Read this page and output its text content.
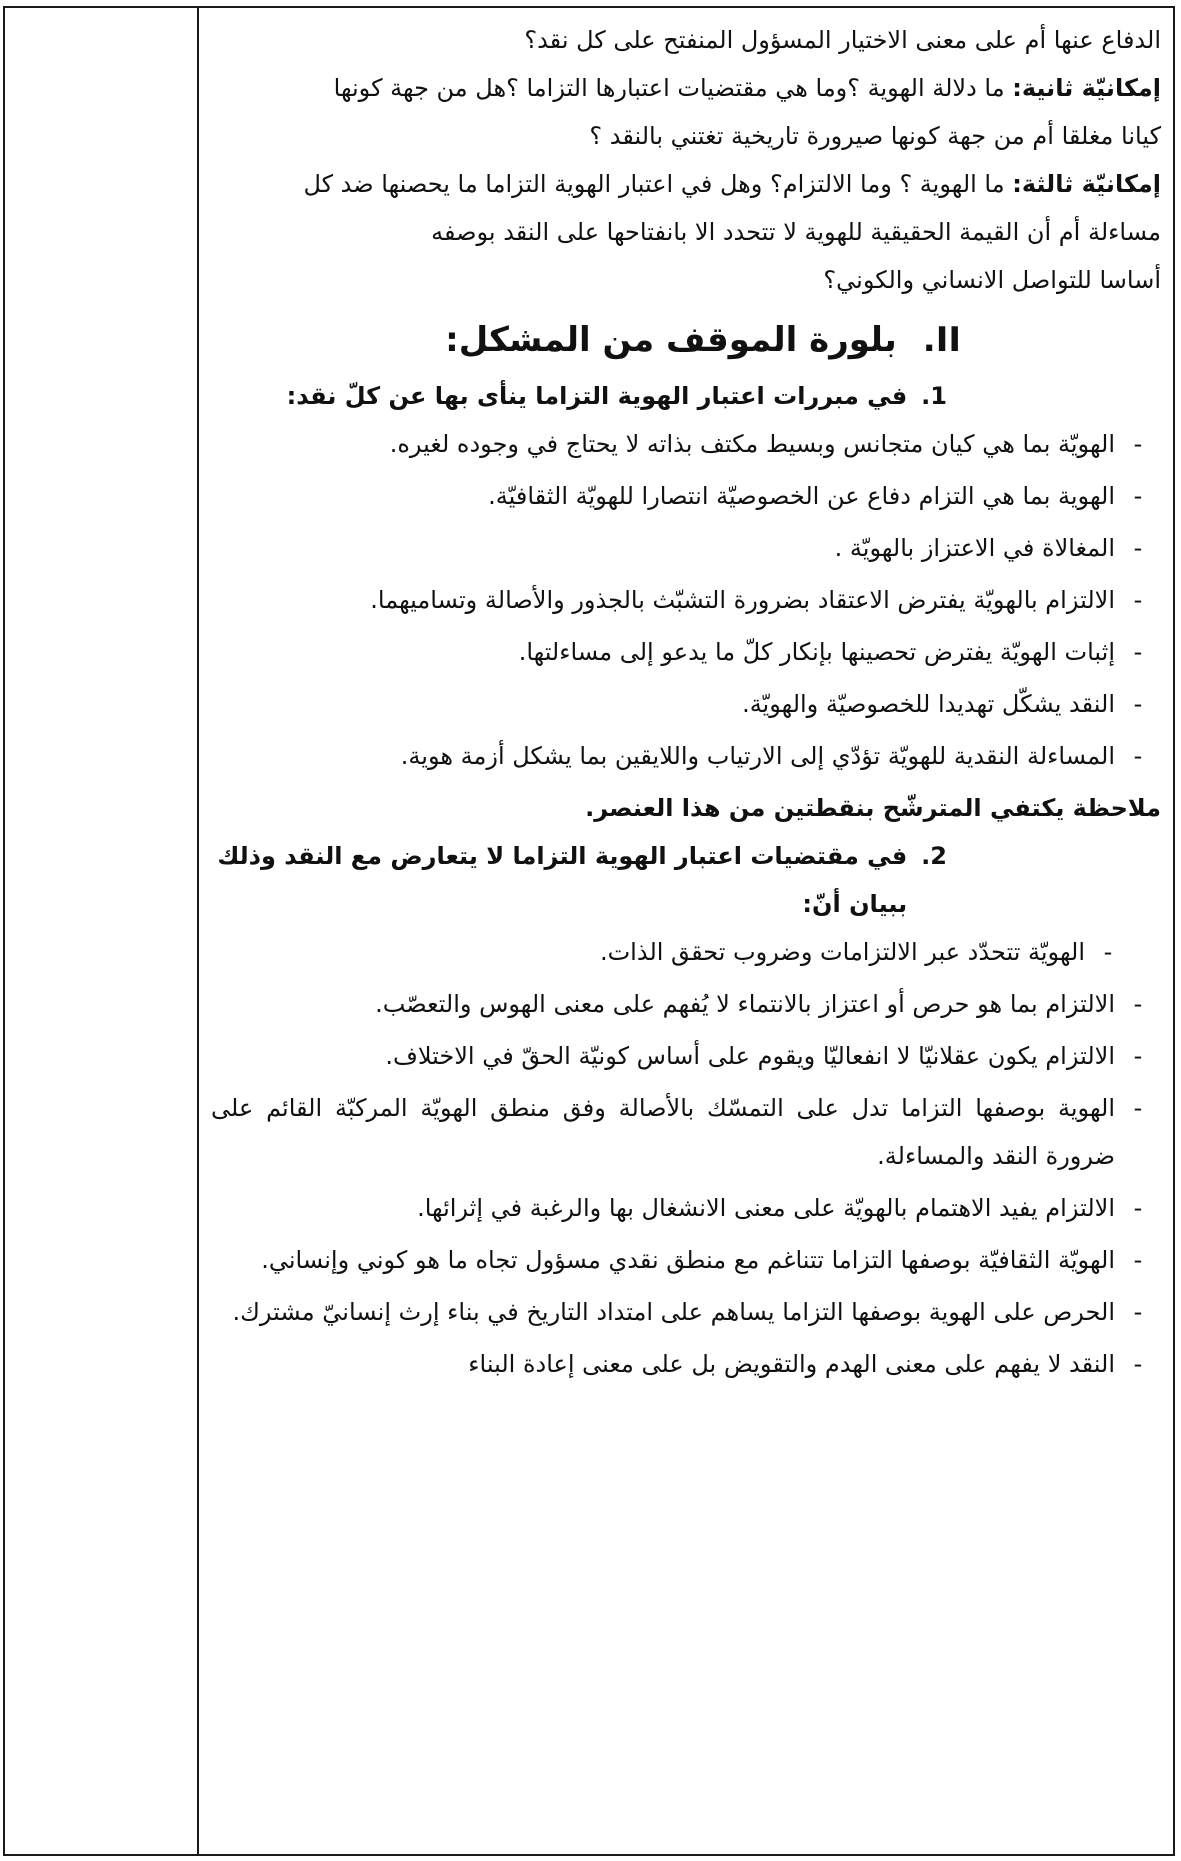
الدفاع عنها أم على معنى الاختيار المسؤول المنفتح على كل نقد؟

إمكانيّة ثانية: ما دلالة الهوية ؟وما هي مقتضيات اعتبارها التزاما ؟هل من جهة كونها

كيانا مغلقا أم من جهة كونها صيرورة تاريخية تغتني بالنقد ؟

إمكانيّة ثالثة: ما الهوية ؟ وما الالتزام؟ وهل في اعتبار الهوية التزاما ما يحصنها ضد كل

مساءلة أم أن القيمة الحقيقية للهوية لا تتحدد الا بانفتاحها على النقد بوصفه

أساسا للتواصل الانساني والكوني؟

II.
بلورة الموقف من المشكل:
1.
في مبررات اعتبار الهوية التزاما ينأى بها عن كلّ نقد:
-
الهويّة بما هي كيان متجانس وبسيط مكتف بذاته لا يحتاج في وجوده لغيره.
-
الهوية بما هي التزام دفاع عن الخصوصيّة انتصارا للهويّة الثقافيّة.
-
المغالاة في الاعتزاز بالهويّة .
-
الالتزام بالهويّة يفترض الاعتقاد بضرورة التشبّث بالجذور والأصالة وتساميهما.
-
إثبات الهويّة يفترض تحصينها بإنكار كلّ ما يدعو إلى مساءلتها.
-
النقد يشكّل تهديدا للخصوصيّة والهويّة.
-
المساءلة النقدية للهويّة تؤدّي إلى الارتياب واللايقين بما يشكل أزمة هوية.

ملاحظة يكتفي المترشّح بنقطتين من هذا العنصر.

2.
في مقتضيات اعتبار الهوية التزاما لا يتعارض مع النقد وذلك ببيان أنّ:
-
الهويّة تتحدّد عبر الالتزامات وضروب تحقق الذات.
-
الالتزام بما هو حرص أو اعتزاز بالانتماء لا يُفهم على معنى الهوس والتعصّب.
-
الالتزام يكون عقلانيّا لا انفعاليّا ويقوم على أساس كونيّة الحقّ في الاختلاف.
-
الهوية بوصفها التزاما تدل على التمسّك بالأصالة وفق منطق الهويّة المركبّة القائم على ضرورة النقد والمساءلة.
-
الالتزام يفيد الاهتمام بالهويّة على معنى الانشغال بها والرغبة في إثرائها.
-
الهويّة الثقافيّة بوصفها التزاما تتناغم مع منطق نقدي مسؤول تجاه ما هو كوني وإنساني.
-
الحرص على الهوية بوصفها التزاما يساهم على امتداد التاريخ في بناء إرث إنسانيّ مشترك.
-
النقد لا يفهم على معنى الهدم والتقويض بل على معنى إعادة البناء
